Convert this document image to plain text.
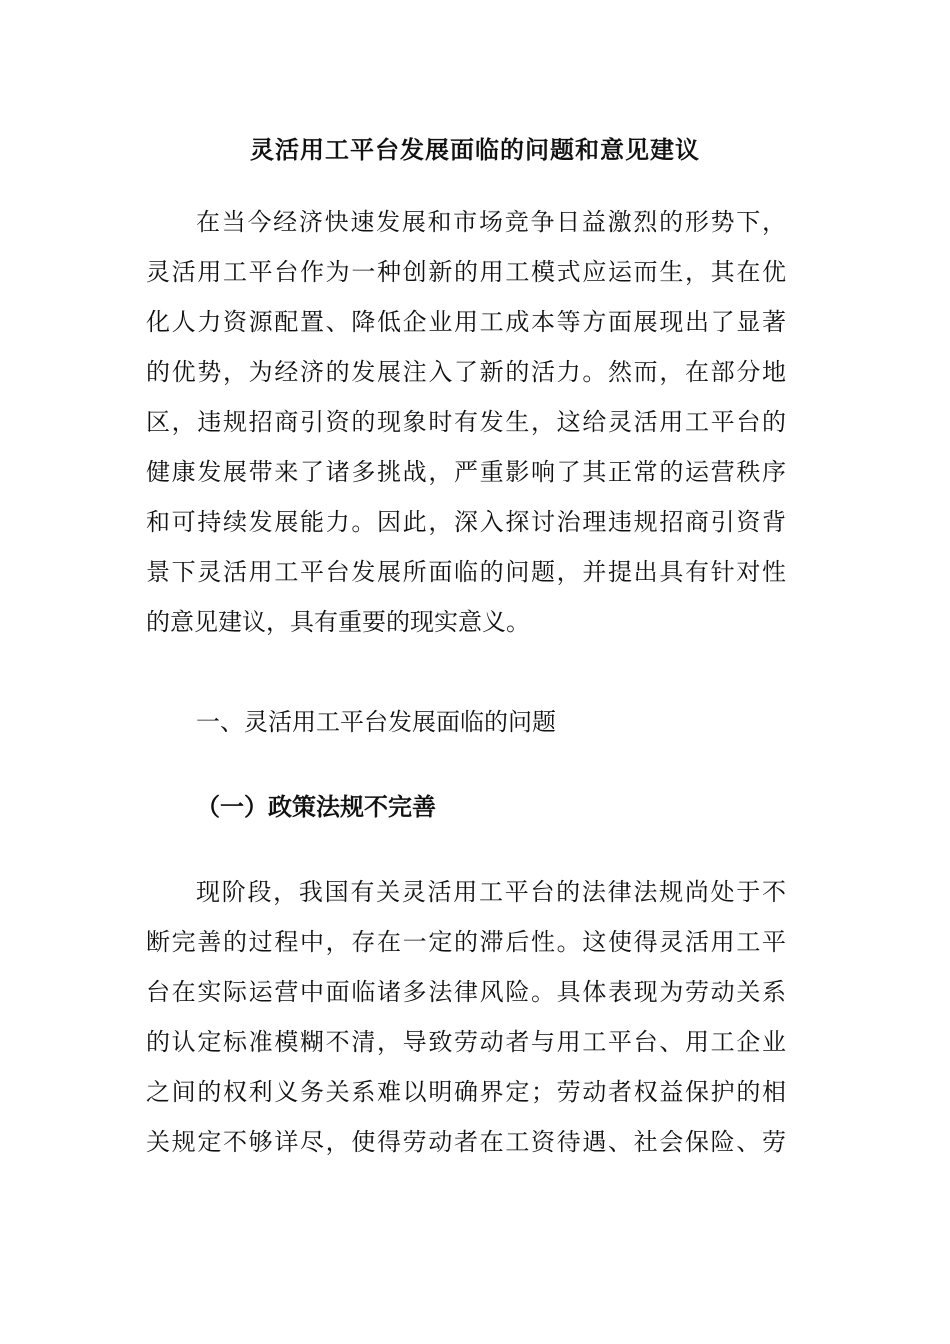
灵活用工平台发展面临的问题和意见建议
在当今经济快速发展和市场竞争日益激烈的形势下，
灵活用工平台作为一种创新的用工模式应运而生，其在优
化人力资源配置、降低企业用工成本等方面展现出了显著
的优势，为经济的发展注入了新的活力。然而，在部分地
区，违规招商引资的现象时有发生，这给灵活用工平台的
健康发展带来了诸多挑战，严重影响了其正常的运营秩序
和可持续发展能力。因此，深入探讨治理违规招商引资背
景下灵活用工平台发展所面临的问题，并提出具有针对性
的意见建议，具有重要的现实意义。
一、灵活用工平台发展面临的问题
（一）政策法规不完善
现阶段，我国有关灵活用工平台的法律法规尚处于不
断完善的过程中，存在一定的滞后性。这使得灵活用工平
台在实际运营中面临诸多法律风险。具体表现为劳动关系
的认定标准模糊不清，导致劳动者与用工平台、用工企业
之间的权利义务关系难以明确界定；劳动者权益保护的相
关规定不够详尽，使得劳动者在工资待遇、社会保险、劳
